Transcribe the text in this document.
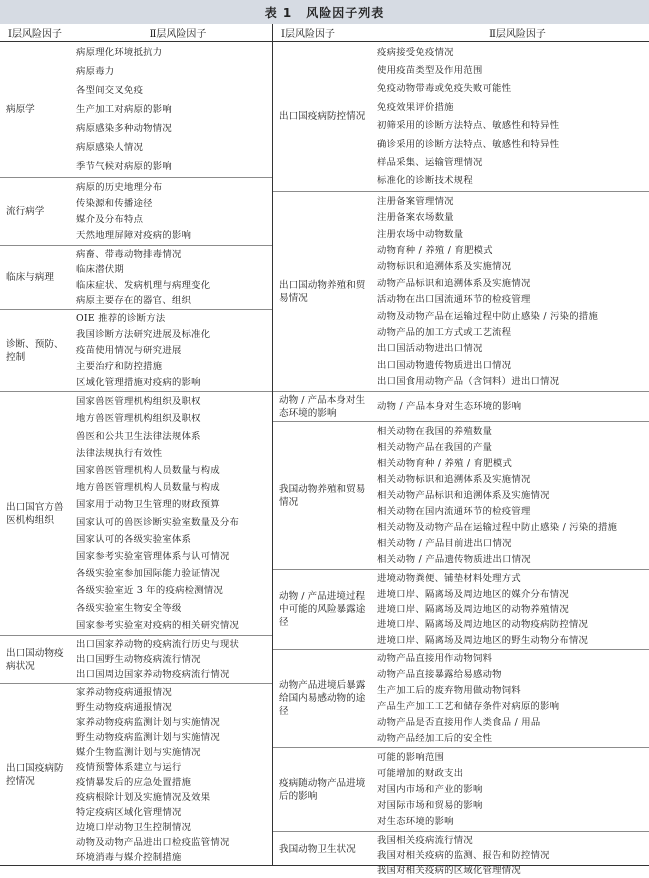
表 1 风险因子列表
Ⅰ层风险因子	Ⅱ层风险因子
病原学
病原理化环境抵抗力
病原毒力
各型间交叉免疫
生产加工对病原的影响
病原感染多种动物情况
病原感染人情况
季节气候对病原的影响
流行病学
病原的历史地理分布
传染源和传播途径
媒介及分布特点
天然地理屏障对疫病的影响
临床与病理
病畜、带毒动物排毒情况
临床潜伏期
临床症状、发病机理与病理变化
病原主要存在的器官、组织
诊断、预防、控制
OIE 推荐的诊断方法
我国诊断方法研究进展及标准化
疫苗使用情况与研究进展
主要治疗和防控措施
区域化管理措施对疫病的影响
出口国官方兽医机构组织
国家兽医管理机构组织及职权
地方兽医管理机构组织及职权
兽医和公共卫生法律法规体系
法律法规执行有效性
国家兽医管理机构人员数量与构成
地方兽医管理机构人员数量与构成
国家用于动物卫生管理的财政预算
国家认可的兽医诊断实验室数量及分布
国家认可的各级实验室体系
国家参考实验室管理体系与认可情况
各级实验室参加国际能力验证情况
各级实验室近 3 年的疫病检测情况
各级实验室生物安全等级
国家参考实验室对疫病的相关研究情况
出口国动物疫病状况
出口国家养动物的疫病流行历史与现状
出口国野生动物疫病流行情况
出口国周边国家养动物疫病流行情况
出口国疫病防控情况
家养动物疫病通报情况
野生动物疫病通报情况
家养动物疫病监测计划与实施情况
野生动物疫病监测计划与实施情况
媒介生物监测计划与实施情况
疫情预警体系建立与运行
疫情暴发后的应急处置措施
疫病根除计划及实施情况及效果
特定疫病区域化管理情况
边境口岸动物卫生控制情况
动物及动物产品进出口检疫监管情况
环境消毒与媒介控制措施
Ⅰ层风险因子	Ⅱ层风险因子
出口国疫病防控情况
疫病接受免疫情况
使用疫苗类型及作用范围
免疫动物带毒或免疫失败可能性
免疫效果评价措施
初筛采用的诊断方法特点、敏感性和特异性
确诊采用的诊断方法特点、敏感性和特异性
样品采集、运输管理情况
标准化的诊断技术规程
出口国动物养殖和贸易情况
注册备案管理情况
注册备案农场数量
注册农场中动物数量
动物育种 / 养殖 / 育肥模式
动物标识和追溯体系及实施情况
动物产品标识和追溯体系及实施情况
活动物在出口国流通环节的检疫管理
动物及动物产品在运输过程中防止感染 / 污染的措施
动物产品的加工方式或工艺流程
出口国活动物进出口情况
出口国动物遗传物质进出口情况
出口国食用动物产品（含饲料）进出口情况
动物 / 产品本身对生态环境的影响
动物 / 产品本身对生态环境的影响
我国动物养殖和贸易情况
相关动物在我国的养殖数量
相关动物产品在我国的产量
相关动物育种 / 养殖 / 育肥模式
相关动物标识和追溯体系及实施情况
相关动物产品标识和追溯体系及实施情况
相关动物在国内流通环节的检疫管理
相关动物及动物产品在运输过程中防止感染 / 污染的措施
相关动物 / 产品目前进出口情况
相关动物 / 产品遗传物质进出口情况
动物 / 产品进境过程中可能的风险暴露途径
进境动物粪便、铺垫材料处理方式
进境口岸、隔离场及周边地区的媒介分布情况
进境口岸、隔离场及周边地区的动物养殖情况
进境口岸、隔离场及周边地区的动物疫病防控情况
进境口岸、隔离场及周边地区的野生动物分布情况
动物产品进境后暴露给国内易感动物的途径
动物产品直接用作动物饲料
动物产品直接暴露给易感动物
生产加工后的废弃物用做动物饲料
产品生产加工工艺和储存条件对病原的影响
动物产品是否直接用作人类食品 / 用品
动物产品经加工后的安全性
疫病随动物产品进境后的影响
可能的影响范围
可能增加的财政支出
对国内市场和产业的影响
对国际市场和贸易的影响
对生态环境的影响
我国动物卫生状况
我国相关疫病流行情况
我国对相关疫病的监测、报告和防控情况
我国对相关疫病的区域化管理情况
